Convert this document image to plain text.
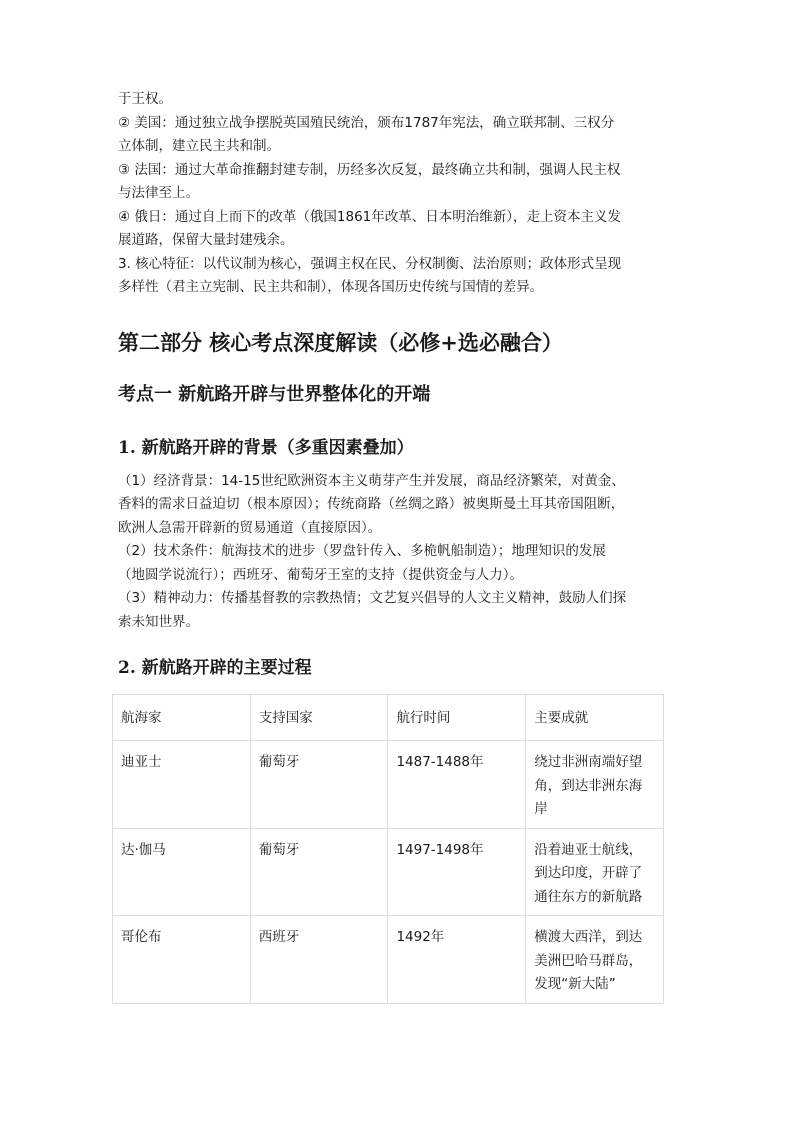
于王权。

② 美国：通过独立战争摆脱英国殖民统治，颁布1787年宪法，确立联邦制、三权分

立体制，建立民主共和制。

③ 法国：通过大革命推翻封建专制，历经多次反复，最终确立共和制，强调人民主权

与法律至上。

④ 俄日：通过自上而下的改革（俄国1861年改革、日本明治维新），走上资本主义发

展道路，保留大量封建残余。

3. 核心特征：以代议制为核心，强调主权在民、分权制衡、法治原则；政体形式呈现

多样性（君主立宪制、民主共和制），体现各国历史传统与国情的差异。

第二部分 核心考点深度解读（必修+选必融合）
考点一 新航路开辟与世界整体化的开端
1. 新航路开辟的背景（多重因素叠加）

（1）经济背景：14-15世纪欧洲资本主义萌芽产生并发展，商品经济繁荣，对黄金、

香料的需求日益迫切（根本原因）；传统商路（丝绸之路）被奥斯曼土耳其帝国阻断，

欧洲人急需开辟新的贸易通道（直接原因）。

（2）技术条件：航海技术的进步（罗盘针传入、多桅帆船制造）；地理知识的发展

（地圆学说流行）；西班牙、葡萄牙王室的支持（提供资金与人力）。

（3）精神动力：传播基督教的宗教热情；文艺复兴倡导的人文主义精神，鼓励人们探

索未知世界。

2. 新航路开辟的主要过程
航海家	支持国家	航行时间	主要成就
迪亚士	葡萄牙	1487-1488年	绕过非洲南端好望
角，到达非洲东海
岸

达·伽马	葡萄牙	1497-1498年	沿着迪亚士航线，
到达印度，开辟了
通往东方的新航路

哥伦布	西班牙	1492年	横渡大西洋，到达
美洲巴哈马群岛，
发现“新大陆”
